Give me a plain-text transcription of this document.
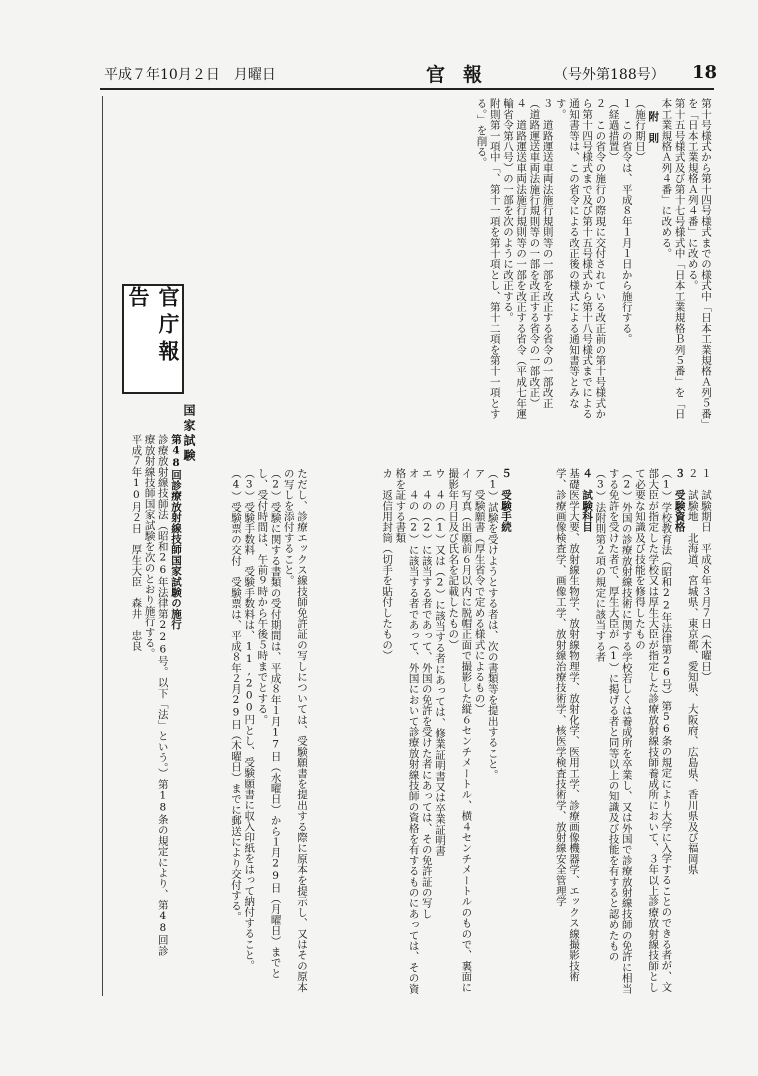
平成７年10月２日　月曜日	官報	（号外第188号） 18

第十号様式から第十四号様式までの様式中「日本工業規格Ａ列５番」を「日本工業規格Ａ列４番」に改める。

第十五号様式及び第十七号様式中「日本工業規格Ｂ列５番」を「日本工業規格Ａ列４番」に改める。

附　則

（施行期日）

１　この省令は、平成８年１月１日から施行する。

（経過措置）

２　この省令の施行の際現に交付されている改正前の第十号様式から第十四号様式まで及び第十五号様式から第十八号様式までによる通知書等は、この省令による改正後の様式による通知書等とみなす。

３　道路運送車両法施行規則等の一部を改正する省令の一部改正

（道路運送車両法施行規則等の一部を改正する省令の一部改正）

４　道路運送車両法施行規則等の一部を改正する省令（平成七年運輸省令第八号）の一部を次のように改正する。

附則第一項中「、第十一項を第十項とし、第十二項を第十一項とする。」を削る。

官庁報告
国家試験

第48回診療放射線技師国家試験の施行

診療放射線技師法（昭和26年法律第226号。以下「法」という。）第18条の規定により、第48回診療放射線技師国家試験を次のとおり施行する。

平成７年10月２日　厚生大臣　森井　忠良	１　試験期日　平成８年３月７日（木曜日）

２　試験地　北海道、宮城県、東京都、愛知県、大阪府、広島県、香川県及び福岡県

３　受験資格

（1）学校教育法（昭和22年法律第26号）第56条の規定により大学に入学することのできる者が、文部大臣が指定した学校又は厚生大臣が指定した診療放射線技師養成所において、３年以上診療放射線技師として必要な知識及び技能を修得したもの

（2）外国の診療放射線技術に関する学校若しくは養成所を卒業し、又は外国で診療放射線技師の免許に相当する免許を受けた者で、厚生大臣が（1）に掲げる者と同等以上の知識及び技能を有すると認めたもの

（3）法附則第２項の規定に該当する者

４　試験科目

基礎医学大要、放射線生物学、放射線物理学、放射化学、医用工学、診療画像機器学、エックス線撮影技術学、診療画像検査学、画像工学、放射線治療技術学、核医学検査技術学、放射線安全管理学

５　受験手続

（1）試験を受けようとする者は、次の書類等を提出すること。

ア　受験願書（厚生省令で定める様式によるもの）

イ　写真（出願前６月以内に脱帽正面で撮影した縦６センチメートル、横４センチメートルのもので、裏面に撮影年月日及び氏名を記載したもの）

ウ　４の（1）又は（2）に該当する者にあっては、修業証明書又は卒業証明書

エ　４の（2）に該当する者であって、外国の免許を受けた者にあっては、その免許証の写し

オ　４の（2）に該当する者であって、外国において診療放射線技師の資格を有するものにあっては、その資格を証する書類

カ　返信用封筒（切手を貼付したもの）

ただし、診療エックス線技師免許証の写しについては、受験願書を提出する際に原本を提示し、又はその原本の写しを添付すること。

（2）受験に関する書類の受付期間は、平成８年１月17日（水曜日）から１月29日（月曜日）までとし、受付時間は、午前９時から午後５時までとする。

（3）受験手数料　受験手数料は、11,200円とし、受験願書に収入印紙をはって納付すること。

（4）受験票の交付　受験票は、平成８年２月29日（木曜日）までに郵送により交付する。
